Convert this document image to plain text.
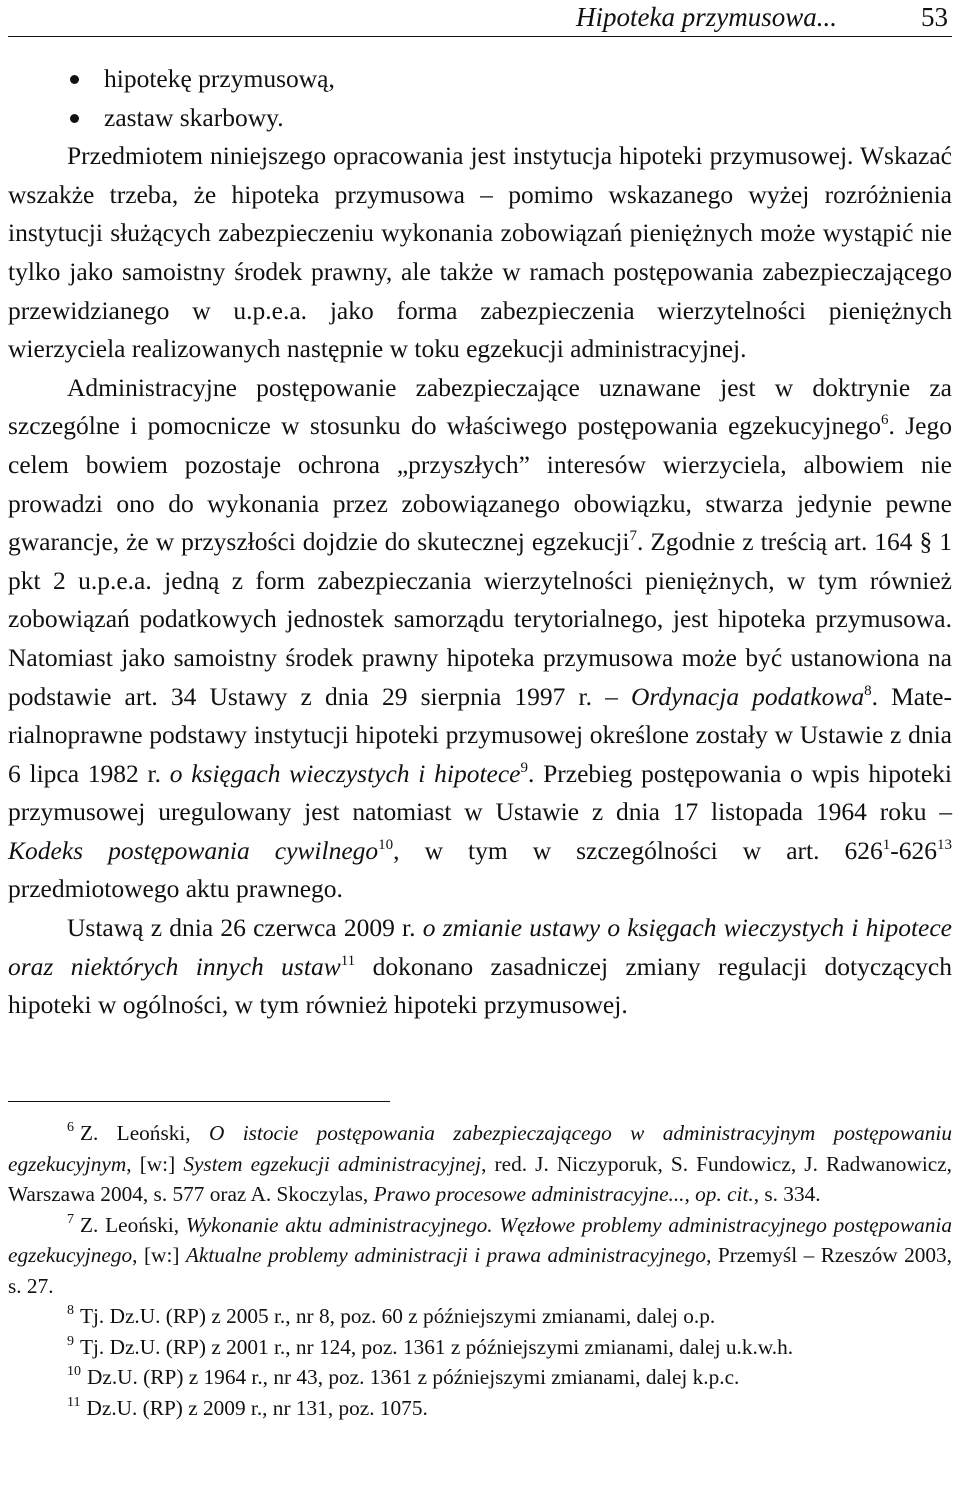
Hipoteka przymusowa...	53
hipotekę przymusową,
zastaw skarbowy.

Przedmiotem niniejszego opracowania jest instytucja hipoteki przymusowej. Wskazać wszakże trzeba, że hipoteka przymusowa – pomimo wskazanego wyżej rozróżnienia instytucji służących zabezpieczeniu wykonania zobowiązań pieniężnych może wystąpić nie tylko jako samoistny środek prawny, ale także w ramach postępowania zabezpieczającego przewidzianego w u.p.e.a. jako forma zabezpieczenia wierzytelności pieniężnych wierzyciela realizowanych następnie w toku egzekucji administracyjnej.

Administracyjne postępowanie zabezpieczające uznawane jest w doktrynie za szczególne i pomocnicze w stosunku do właściwego postępowania egzekucyjnego$^6$. Jego celem bowiem pozostaje ochrona „przyszłych” interesów wierzyciela, albowiem nie prowadzi ono do wykonania przez zobowiązanego obowiązku, stwarza jedynie pewne gwarancje, że w przyszłości dojdzie do skutecznej egzekucji$^7$. Zgodnie z treścią art. 164 § 1 pkt 2 u.p.e.a. jedną z form zabezpieczania wierzytelności pieniężnych, w tym również zobowiązań podatkowych jednostek samorządu terytorialnego, jest hipoteka przymusowa. Natomiast jako samoistny środek prawny hipoteka przymusowa może być ustanowiona na podstawie art. 34 Ustawy z dnia 29 sierpnia 1997 r. – Ordynacja podatkowa$^8$. Materialnoprawne podstawy instytucji hipoteki przymusowej określone zostały w Ustawie z dnia 6 lipca 1982 r. o księgach wieczystych i hipotece$^9$. Przebieg postępowania o wpis hipoteki przymusowej uregulowany jest natomiast w Ustawie z dnia 17 listopada 1964 roku – Kodeks postępowania cywilnego$^{10}$, w tym w szczególności w art. $626^1-626^{13}$ przedmiotowego aktu prawnego.

Ustawą z dnia 26 czerwca 2009 r. o zmianie ustawy o księgach wieczystych i hipotece oraz niektórych innych ustaw$^{11}$ dokonano zasadniczej zmiany regulacji dotyczących hipoteki w ogólności, w tym również hipoteki przymusowej.

$^6$ Z. Leoński, O istocie postępowania zabezpieczającego w administracyjnym postępowaniu egzekucyjnym, [w:] System egzekucji administracyjnej, red. J. Niczyporuk, S. Fundowicz, J. Radwanowicz, Warszawa 2004, s. 577 oraz A. Skoczylas, Prawo procesowe administracyjne..., op. cit., s. 334.

$^7$ Z. Leoński, Wykonanie aktu administracyjnego. Węzłowe problemy administracyjnego postępowania egzekucyjnego, [w:] Aktualne problemy administracji i prawa administracyjnego, Przemyśl – Rzeszów 2003, s. 27.

$^8$ Tj. Dz.U. (RP) z 2005 r., nr 8, poz. 60 z późniejszymi zmianami, dalej o.p.

$^9$ Tj. Dz.U. (RP) z 2001 r., nr 124, poz. 1361 z późniejszymi zmianami, dalej u.k.w.h.

$^{10}$ Dz.U. (RP) z 1964 r., nr 43, poz. 1361 z późniejszymi zmianami, dalej k.p.c.

$^{11}$ Dz.U. (RP) z 2009 r., nr 131, poz. 1075.
